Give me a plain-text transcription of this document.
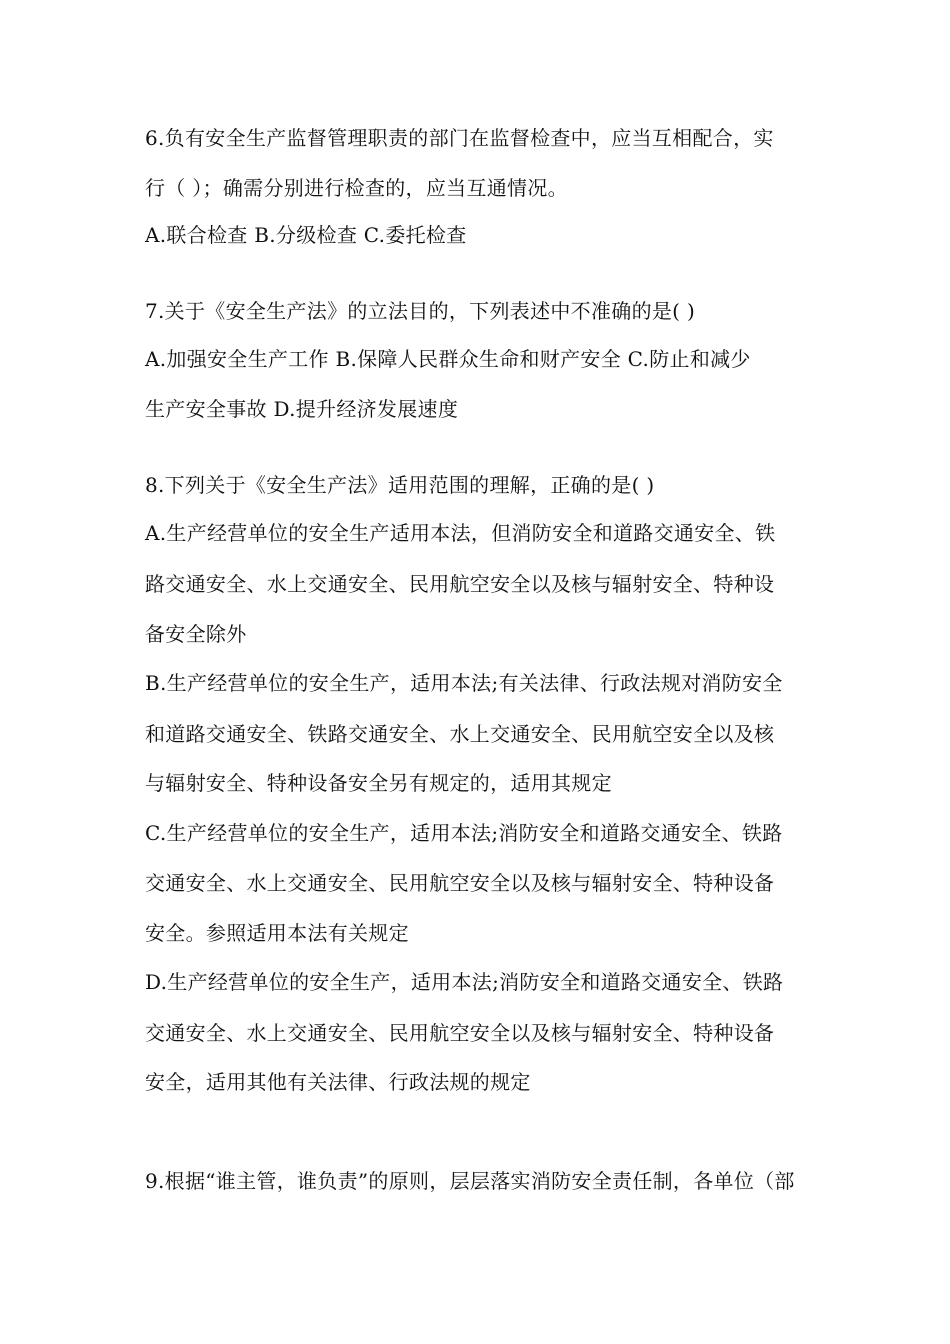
6.负有安全生产监督管理职责的部门在监督检查中，应当互相配合，实
行（ ）；确需分别进行检查的，应当互通情况。
A.联合检查 B.分级检查 C.委托检查
7.关于《安全生产法》的立法目的，下列表述中不准确的是( )
A.加强安全生产工作 B.保障人民群众生命和财产安全 C.防止和减少
生产安全事故 D.提升经济发展速度
8.下列关于《安全生产法》适用范围的理解，正确的是( )
A.生产经营单位的安全生产适用本法，但消防安全和道路交通安全、铁
路交通安全、水上交通安全、民用航空安全以及核与辐射安全、特种设
备安全除外
B.生产经营单位的安全生产，适用本法;有关法律、行政法规对消防安全
和道路交通安全、铁路交通安全、水上交通安全、民用航空安全以及核
与辐射安全、特种设备安全另有规定的，适用其规定
C.生产经营单位的安全生产，适用本法;消防安全和道路交通安全、铁路
交通安全、水上交通安全、民用航空安全以及核与辐射安全、特种设备
安全。参照适用本法有关规定
D.生产经营单位的安全生产，适用本法;消防安全和道路交通安全、铁路
交通安全、水上交通安全、民用航空安全以及核与辐射安全、特种设备
安全，适用其他有关法律、行政法规的规定
9.根据“谁主管，谁负责”的原则，层层落实消防安全责任制，各单位（部
